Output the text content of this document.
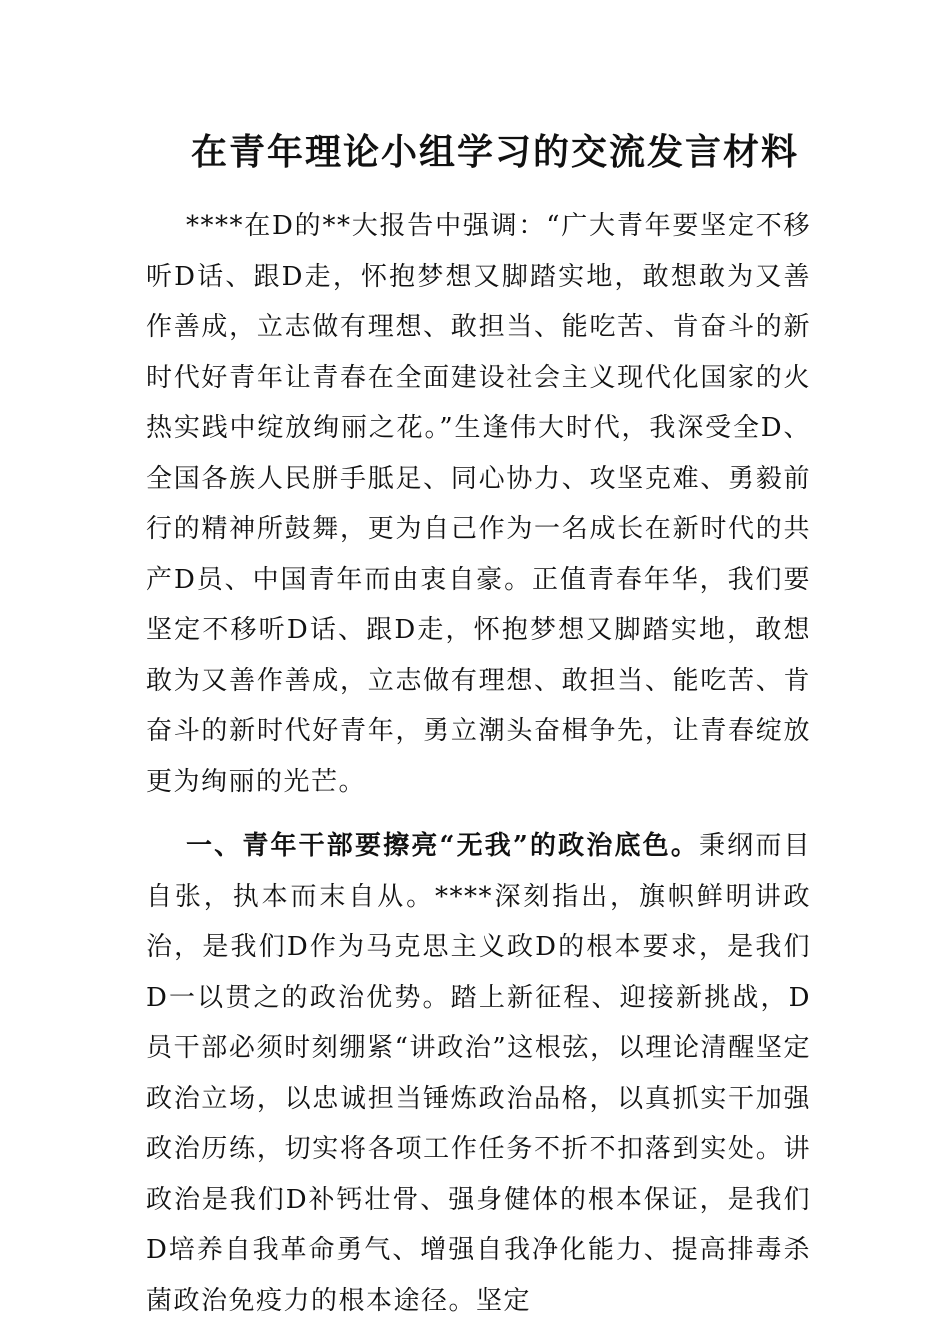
在青年理论小组学习的交流发言材料

****在D的**大报告中强调：“广大青年要坚定不移听D话、跟D走，怀抱梦想又脚踏实地，敢想敢为又善作善成，立志做有理想、敢担当、能吃苦、肯奋斗的新时代好青年让青春在全面建设社会主义现代化国家的火热实践中绽放绚丽之花。”生逢伟大时代，我深受全D、全国各族人民胼手胝足、同心协力、攻坚克难、勇毅前行的精神所鼓舞，更为自己作为一名成长在新时代的共产D员、中国青年而由衷自豪。正值青春年华，我们要坚定不移听D话、跟D走，怀抱梦想又脚踏实地，敢想敢为又善作善成，立志做有理想、敢担当、能吃苦、肯奋斗的新时代好青年，勇立潮头奋楫争先，让青春绽放更为绚丽的光芒。

一、青年干部要擦亮“无我”的政治底色。秉纲而目自张，执本而末自从。****深刻指出，旗帜鲜明讲政治，是我们D作为马克思主义政D的根本要求，是我们D一以贯之的政治优势。踏上新征程、迎接新挑战，D员干部必须时刻绷紧“讲政治”这根弦，以理论清醒坚定政治立场，以忠诚担当锤炼政治品格，以真抓实干加强政治历练，切实将各项工作任务不折不扣落到实处。讲政治是我们D补钙壮骨、强身健体的根本保证，是我们D培养自我革命勇气、增强自我净化能力、提高排毒杀菌政治免疫力的根本途径。坚定
